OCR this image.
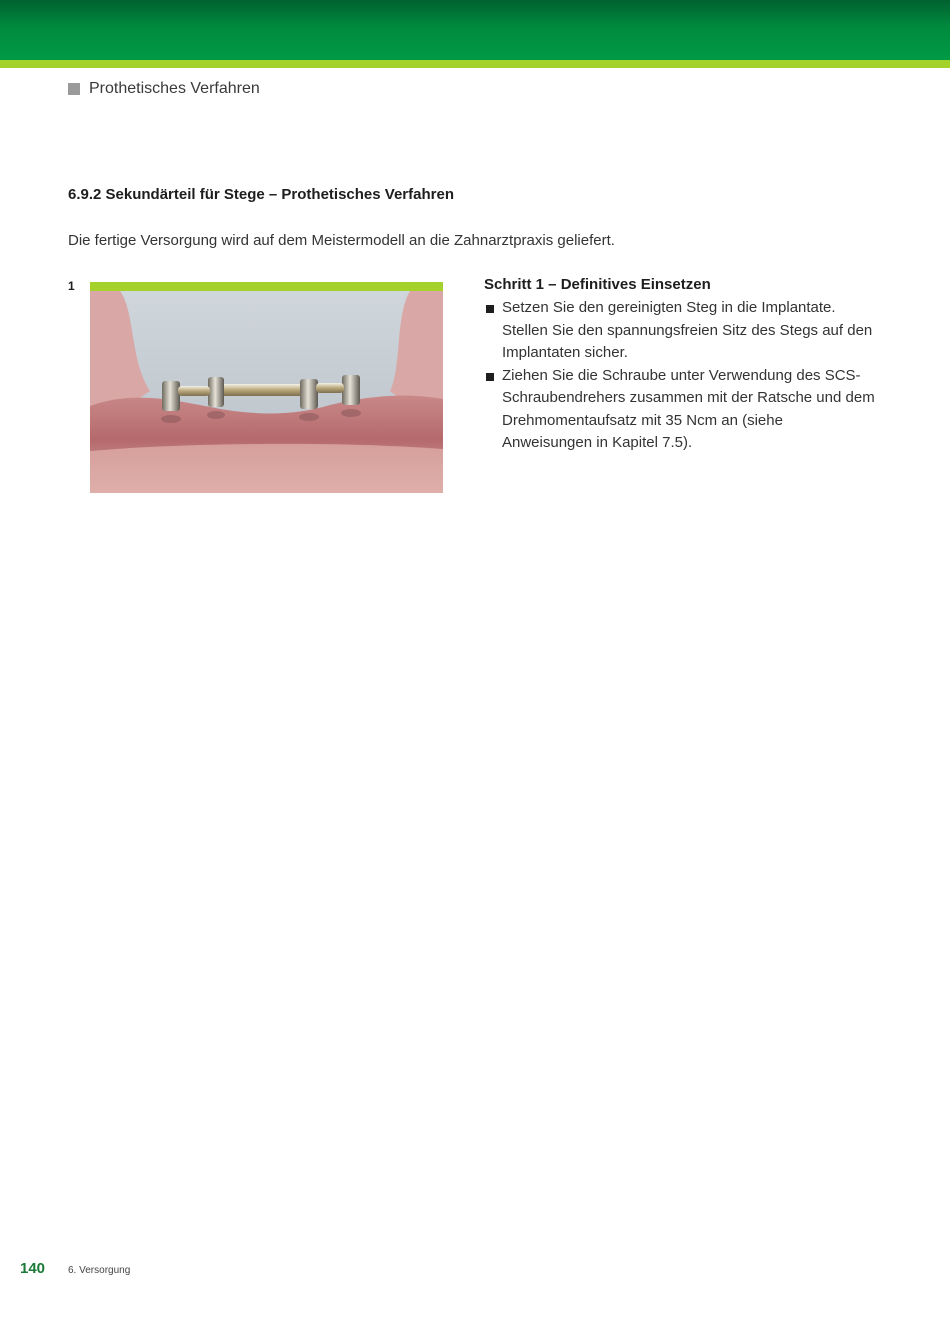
Prothetisches Verfahren
6.9.2 Sekundärteil für Stege – Prothetisches Verfahren

Die fertige Versorgung wird auf dem Meistermodell an die Zahnarztpraxis geliefert.

1	Schritt 1 – Definitives Einsetzen
Setzen Sie den gereinigten Steg in die Implantate. Stellen Sie den spannungsfreien Sitz des Stegs auf den Implantaten sicher.
Ziehen Sie die Schraube unter Verwendung des SCS-Schraubendrehers zusammen mit der Ratsche und dem Drehmomentaufsatz mit 35 Ncm an (siehe Anweisungen in Kapitel 7.5).
140 6. Versorgung
